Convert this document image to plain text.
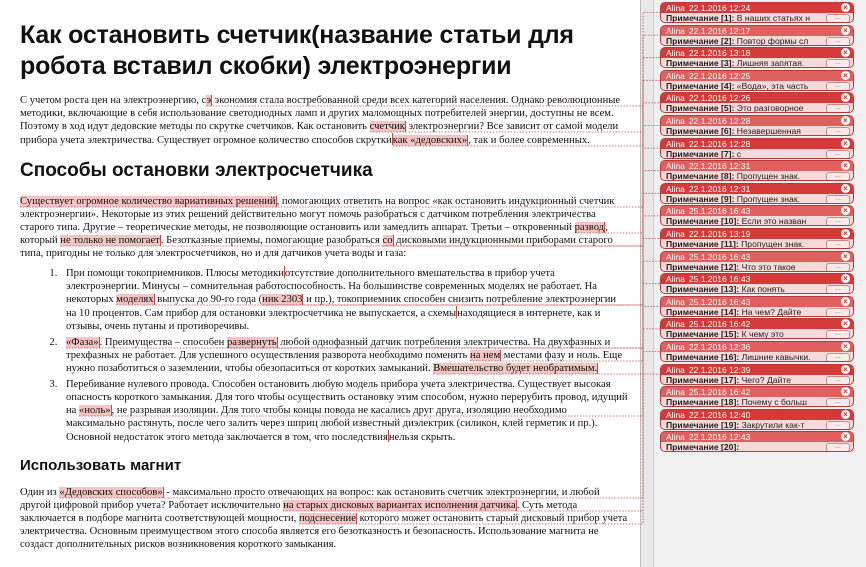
Как остановить счетчик(название статьи для робота вставил скобки) электроэнергии

С учетом роста цен на электроэнергию, сэ экономия стала востребованной среди всех категорий населения. Однако революционные методики, включающие в себя использование светодиодных ламп и других маломощных потребителей энергии, доступны не всем. Поэтому в ход идут дедовские методы по скрутке счетчиков. Как остановить счетчик электроэнергии? Все зависит от самой модели прибора учета электричества. Существует огромное количество способов скруткикак «дедовских», так и более современных.

Способы остановки электросчетчика

Существует огромное количество вариативных решений, помогающих ответить на вопрос «как остановить индукционный счетчик электроэнергии». Некоторые из этих решений действительно могут помочь разобраться с датчиком потребления электричества старого типа. Другие – теоретические методы, не позволяющие остановить или замедлить аппарат. Третьи – откровенный развод, который не только не помогает. Безотказные приемы, помогающие разобраться со дисковыми индукционными приборами старого типа, пригодны не только для электросчетчиков, но и для датчиков учета воды и газа:

1. При помощи токоприемников. Плюсы методикиотсутствие дополнительного вмешательства в прибор учета электроэнергии. Минусы – сомнительная работоспособность. На большинстве современных моделях не работает. На некоторых моделях выпуска до 90-го года (ник 2303 и пр.), токоприемник способен снизить потребление электроэнергии на 10 процентов. Сам прибор для остановки электросчетчика не выпускается, а схемынаходящиеся в интернете, как и отзывы, очень путаны и противоречивы.
2. «Фаза». Преимущества – способен развернуть любой однофазный датчик потребления электричества. На двухфазных и трехфазных не работает. Для успешного осуществления разворота необходимо поменять на нем местами фазу и ноль. Еще нужно позаботиться о заземлении, чтобы обезопаситься от коротких замыканий. Вмешательство будет необратимым.
3. Перебивание нулевого провода. Способен остановить любую модель прибора учета электричества. Существует высокая опасность короткого замыкания. Для того чтобы осуществить остановку этим способом, нужно перерубить провод, идущий на «ноль», не разрывая изоляции. Для того чтобы концы повода не касались друг друга, изоляцию необходимо максимально растянуть, после чего залить через шприц любой известный диэлектрик (силикон, клей герметик и пр.). Основной недостаток этого метода заключается в том, что последствиянельзя скрыть.
Использовать магнит

Один из «Дедовских способов» - максимально просто отвечающих на вопрос: как остановить счетчик электроэнергии, и любой другой цифровой прибор учета? Работает исключительно на старых дисковых вариантах исполнения датчика. Суть метода заключается в подборе магнита соответствующей мощности, подснесение которого может остановить старый дисковый прибор учета электричества. Основным преимуществом этого способа является его безотказность и безопасность. Использование магнита не создаст дополнительных рисков возникновения короткого замыкания.

Alina 22.1.2016 12:24	×
Примечание [1]: В наших статьях н	…
Alina 22.1.2016 12:17	×
Примечание [2]: Повтор формы сл	…
Alina 22.1.2016 13:18	×
Примечание [3]: Лишняя запятая.	…
Alina 22.1.2016 12:25	×
Примечание [4]: «Вода», эта часть	…
Alina 22.1.2016 12:26	×
Примечание [5]: Это разговорное	…
Alina 22.1.2016 12:28	×
Примечание [6]: Незавершенная	…
Alina 22.1.2016 12:28	×
Примечание [7]: с	…
Alina 22.1.2016 12:31	×
Примечание [8]: Пропущен знак.	…
Alina 22.1.2016 12:31	×
Примечание [9]: Пропущен знак.	…
Alina 25.1.2016 16:43	×
Примечание [10]: Если это назван	…
Alina 22.1.2016 13:19	×
Примечание [11]: Пропущен знак.	…
Alina 25.1.2016 16:43	×
Примечание [12]: Что это такое	…
Alina 25.1.2016 16:43	×
Примечание [13]: Как понять	…
Alina 25.1.2016 16:43	×
Примечание [14]: На чем? Дайте	…
Alina 25.1.2016 16:42	×
Примечание [15]: К чему это	…
Alina 22.1.2016 12:36	×
Примечание [16]: Лишние кавычки.	…
Alina 22.1.2016 12:39	×
Примечание [17]: Чего? Дайте	…
Alina 25.1.2016 16:42	×
Примечание [18]: Почему с больш	…
Alina 22.1.2016 12:40	×
Примечание [19]: Закрутили как-т	…
Alina 22.1.2016 12:43	×
Примечание [20]:	…
